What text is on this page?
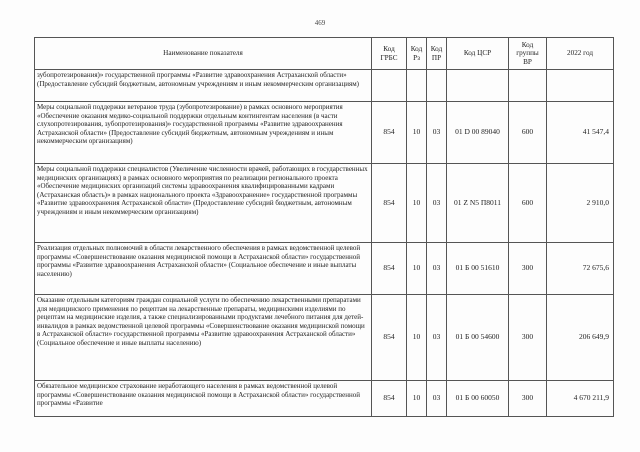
469
Наименование показателя	Код ГРБС	Код Рз	Код ПР	Код ЦСР	Код группы ВР	2022 год
зубопротезирования)» государственной программы «Развитие здравоохранения Астраханской области» (Предоставление субсидий бюджетным, автономным учреждениям и иным некоммерческим организациям)						
Меры социальной поддержки ветеранов труда (зубопротезирование) в рамках основного мероприятия «Обеспечение оказания медико-социальной поддержки отдельным контингентам населения (в части слухопротезирования, зубопротезирования)» государственной программы «Развитие здравоохранения Астраханской области» (Предоставление субсидий бюджетным, автономным учреждениям и иным некоммерческим организациям)	854	10	03	01 D 00 89040	600	41 547,4
Меры социальной поддержки специалистов (Увеличение численности врачей, работающих в государственных медицинских организациях) в рамках основного мероприятия по реализации регионального проекта «Обеспечение медицинских организаций системы здравоохранения квалифицированными кадрами (Астраханская область)» в рамках национального проекта «Здравоохранение» государственной программы «Развитие здравоохранения Астраханской области» (Предоставление субсидий бюджетным, автономным учреждениям и иным некоммерческим организациям)	854	10	03	01 Z N5 П8011	600	2 910,0
Реализация отдельных полномочий в области лекарственного обеспечения в рамках ведомственной целевой программы «Совершенствование оказания медицинской помощи в Астраханской области» государственной программы «Развитие здравоохранения Астраханской области» (Социальное обеспечение и иные выплаты населению)	854	10	03	01 Б 00 51610	300	72 675,6
Оказание отдельным категориям граждан социальной услуги по обеспечению лекарственными препаратами для медицинского применения по рецептам на лекарственные препараты, медицинскими изделиями по рецептам на медицинские изделия, а также специализированными продуктами лечебного питания для детей-инвалидов в рамках ведомственной целевой программы «Совершенствование оказания медицинской помощи в Астраханской области» государственной программы «Развитие здравоохранения Астраханской области» (Социальное обеспечение и иные выплаты населению)	854	10	03	01 Б 00 54600	300	206 649,9
Обязательное медицинское страхование неработающего населения в рамках ведомственной целевой программы «Совершенствование оказания медицинской помощи в Астраханской области» государственной программы «Развитие	854	10	03	01 Б 00 60050	300	4 670 211,9
